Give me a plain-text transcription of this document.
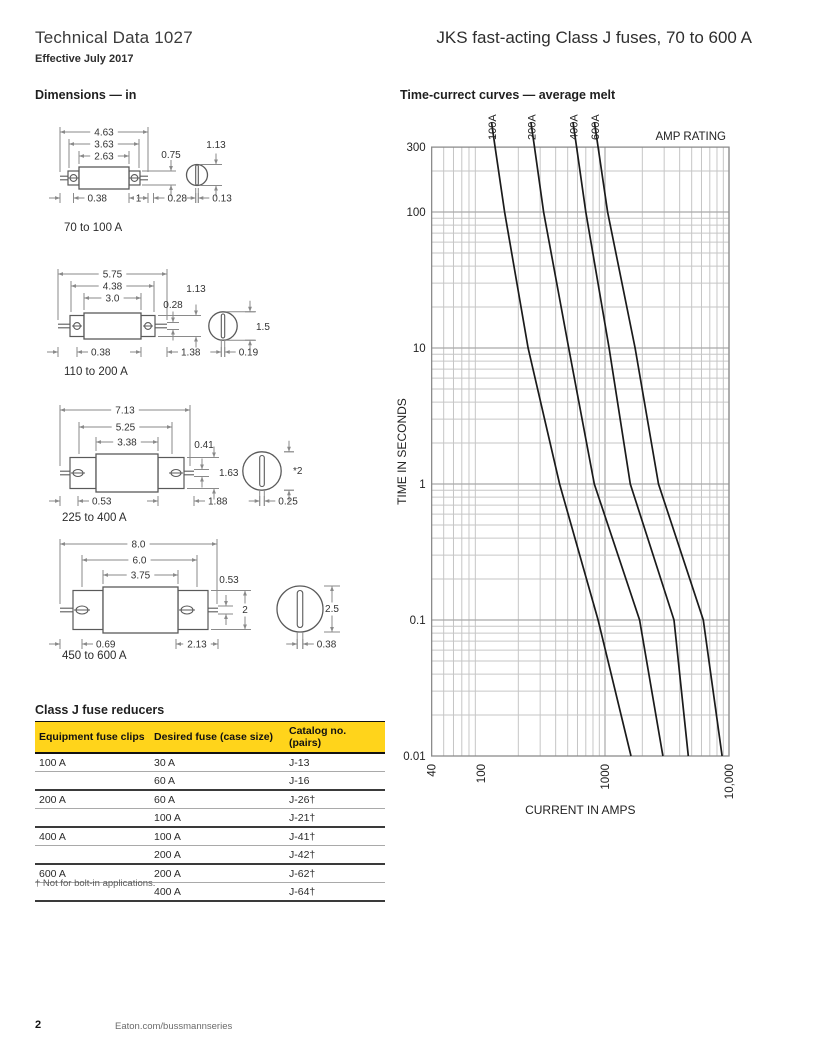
Technical Data 1027
Effective July 2017
JKS fast-acting Class J fuses, 70 to 600 A
Dimensions — in	Time-currect curves — average melt
4.63
3.63
2.63	0.75
1.13
0.38	1	0.28	0.13
5.75
4.38
3.0
1.13
0.28
1.5
0.38	1.38	0.19
7.13
5.25
3.38	0.41
1.63	*2
0.53	1.88	0.25
8.0
6.0
3.75	0.53
2	2.5
0.69	2.13	0.38
70 to 100 A
110 to 200 A
225 to 400 A
450 to 600 A
100A 200A	400A 600A	AMP RATING
300
100
10
1
0.1
0.01
40	100	1000	10,000
CURRENT IN AMPS
TIME IN SECONDS
Class J fuse reducers
Equipment fuse clips	Desired fuse (case size)	Catalog no. (pairs)
100 A	30 A	J-13
	60 A	J-16
200 A	60 A	J-26†
	100 A	J-21†
400 A	100 A	J-41†
	200 A	J-42†
600 A	200 A	J-62†
	400 A	J-64†
† Not for bolt-in applications.
2	Eaton.com/bussmannseries
